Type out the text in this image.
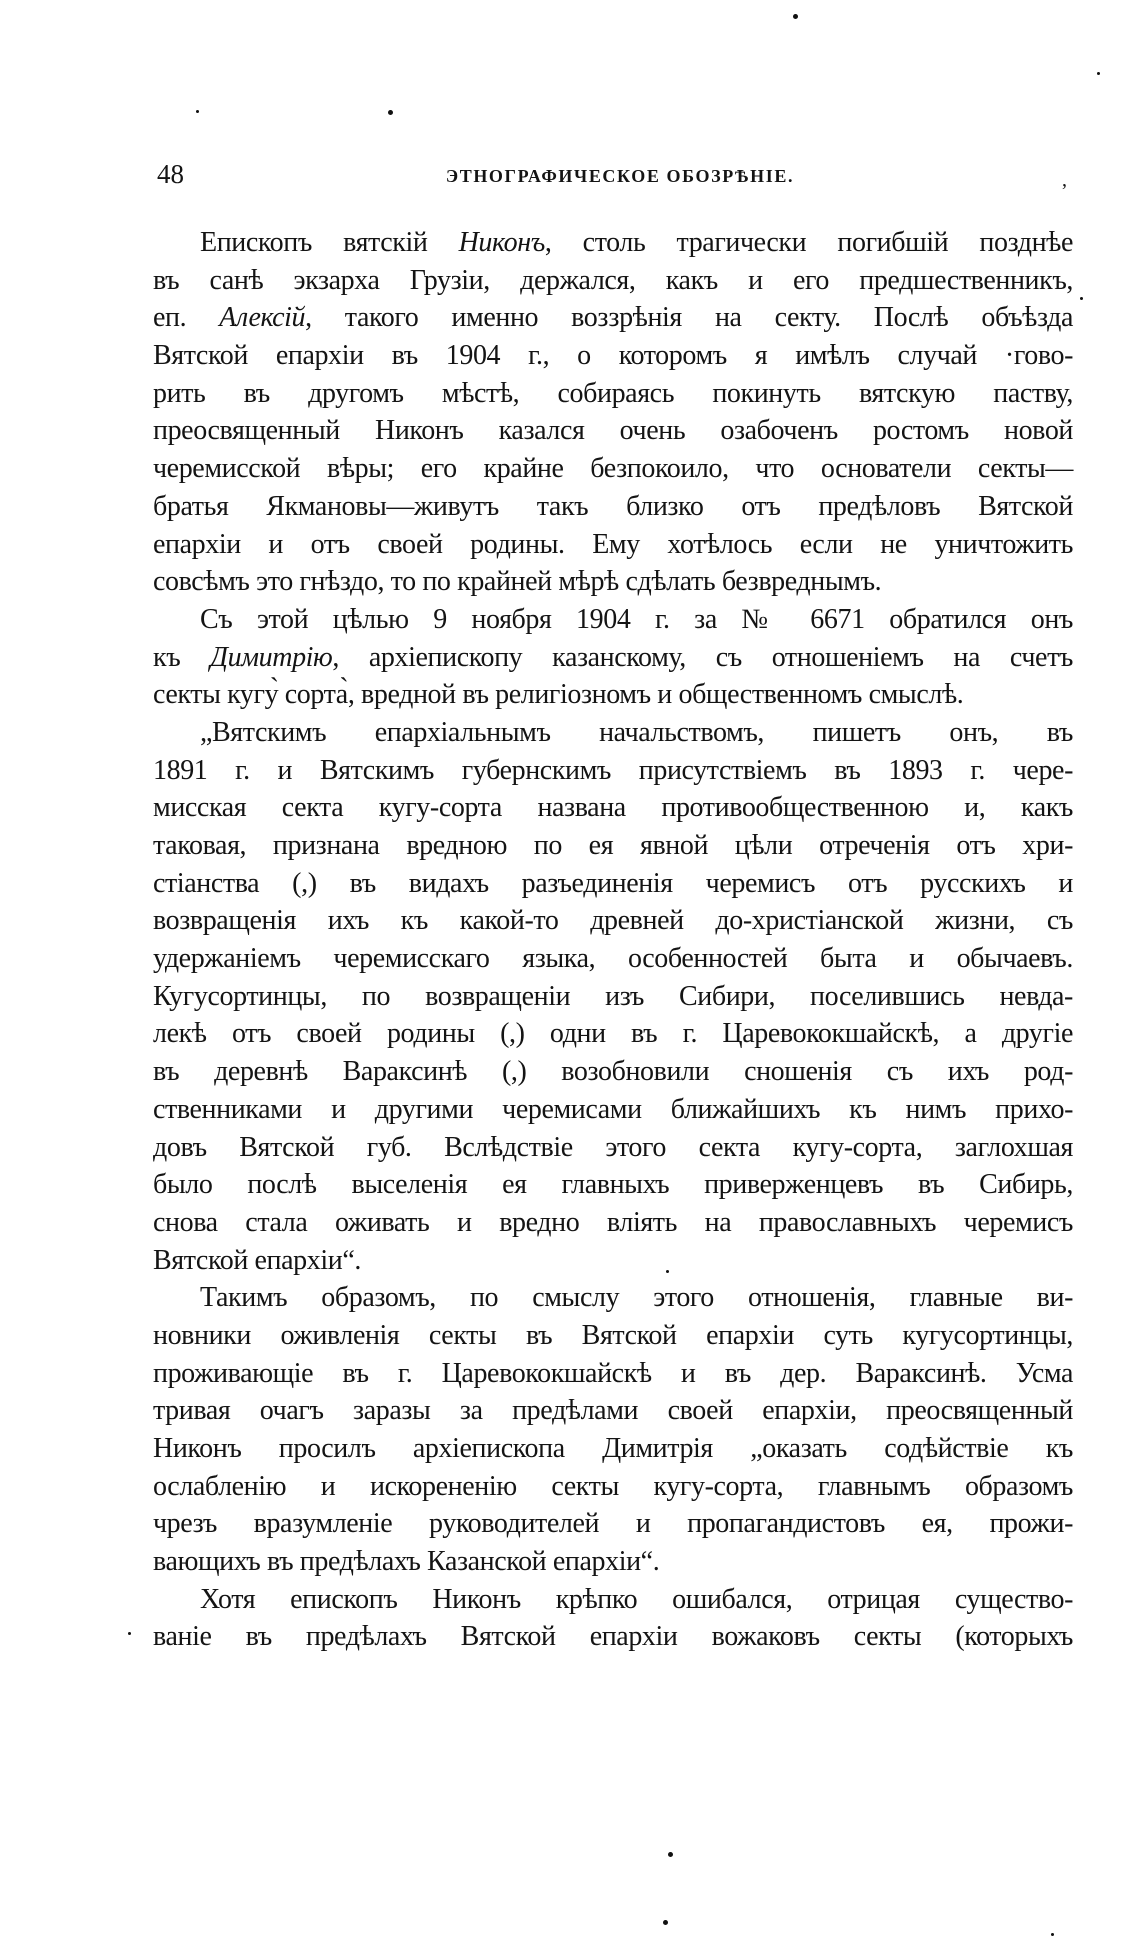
48	ЭТНОГРАФИЧЕСКОЕ ОБОЗРѢНІЕ.	‚
Епископъ вятскій Никонъ, столь трагически погибшій позднѣе
въ санѣ экзарха Грузіи, держался, какъ и его предшественникъ,
еп. Алексій, такого именно воззрѣнія на секту. Послѣ объѣзда
Вятской епархіи въ 1904 г., о которомъ я имѣлъ случай ·гово-
рить въ другомъ мѣстѣ, собираясь покинуть вятскую паству,
преосвященный Никонъ казался очень озабоченъ ростомъ новой
черемисской вѣры; его крайне безпокоило, что основатели секты—
братья Якмановы—живутъ такъ близко отъ предѣловъ Вятской
епархіи и отъ своей родины. Ему хотѣлось если не уничтожить
совсѣмъ это гнѣздо, то по крайней мѣрѣ сдѣлать безвреднымъ.
Съ этой цѣлью 9 ноября 1904 г. за № 6671 обратился онъ
къ Димитрію, архіепископу казанскому, съ отношеніемъ на счетъ
секты кугу̀ сорта̀, вредной въ религіозномъ и общественномъ смыслѣ.
„Вятскимъ епархіальнымъ начальствомъ, пишетъ онъ, въ
1891 г. и Вятскимъ губернскимъ присутствіемъ въ 1893 г. чере-
мисская секта кугу-сорта названа противообщественною и, какъ
таковая, признана вредною по ея явной цѣли отреченія отъ хри-
стіанства (,) въ видахъ разъединенія черемисъ отъ русскихъ и
возвращенія ихъ къ какой-то древней до-христіанской жизни, съ
удержаніемъ черемисскаго языка, особенностей быта и обычаевъ.
Кугусортинцы, по возвращеніи изъ Сибири, поселившись невда-
лекѣ отъ своей родины (,) одни въ г. Царевококшайскѣ, а другіе
въ деревнѣ Вараксинѣ (,) возобновили сношенія съ ихъ род-
ственниками и другими черемисами ближайшихъ къ нимъ прихо-
довъ Вятской губ. Вслѣдствіе этого секта кугу-сорта, заглохшая
было послѣ выселенія ея главныхъ приверженцевъ въ Сибирь,
снова стала оживать и вредно вліять на православныхъ черемисъ
Вятской епархіи“.
Такимъ образомъ, по смыслу этого отношенія, главные ви-
новники оживленія секты въ Вятской епархіи суть кугусортинцы,
проживающіе въ г. Царевококшайскѣ и въ дер. Вараксинѣ. Усма
тривая очагъ заразы за предѣлами своей епархіи, преосвященный
Никонъ просилъ архіепископа Димитрія „оказать содѣйствіе къ
ослабленію и искорененію секты кугу-сорта, главнымъ образомъ
чрезъ вразумленіе руководителей и пропагандистовъ ея, прожи-
вающихъ въ предѣлахъ Казанской епархіи“.
Хотя епископъ Никонъ крѣпко ошибался, отрицая существо-
ваніе въ предѣлахъ Вятской епархіи вожаковъ секты (которыхъ
